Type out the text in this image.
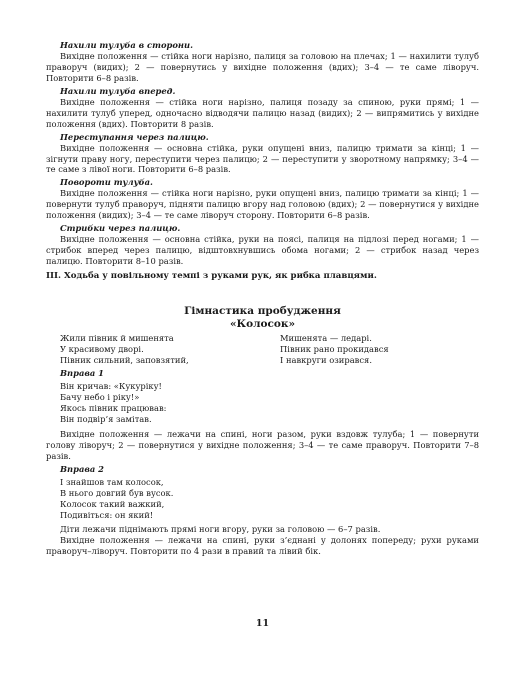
Нахили тулуба в сторони.

Вихідне положення — стійка ноги нарізно, палиця за головою на плечах; 1 — нахилити тулуб праворуч (видих); 2 — повернутись у вихідне положення (вдих); 3–4 — те саме ліворуч. Повторити 6–8 разів.

Нахили тулуба вперед.

Вихідне положення — стійка ноги нарізно, палиця позаду за спиною, руки прямі; 1 — нахилити тулуб уперед, одночасно відводячи палицю назад (видих); 2 — випрямитись у вихідне положення (вдих). Повторити 8 разів.

Переступання через палицю.

Вихідне положення — основна стійка, руки опущені вниз, палицю тримати за кінці; 1 — зігнути праву ногу, переступити через палицю; 2 — переступити у зворотному напрямку; 3–4 — те саме з лівої ноги. Повторити 6–8 разів.

Повороти тулуба.

Вихідне положення — стійка ноги нарізно, руки опущені вниз, палицю тримати за кінці; 1 — повернути тулуб праворуч, підняти палицю вгору над головою (вдих); 2 — повернутися у вихідне положення (видих); 3–4 — те саме ліворуч сторону. Повторити 6–8 разів.

Стрибки через палицю.

Вихідне положення — основна стійка, руки на поясі, палиця на підлозі перед ногами; 1 — стрибок вперед через палицю, відштовхнувшись обома ногами; 2 — стрибок назад через палицю. Повторити 8–10 разів.

ІІІ. Ходьба у повільному темпі з руками рук, як рибка плавцями.

Гімнастика пробудження

«Колосок»

Жили півник й мишенята
У красивому дворі.
Півник сильний, заповзятий,
Мишенята — ледарі.
Півник рано прокидався
І навкруги озирався.

Вправа 1

Він кричав: «Кукуріку!
Бачу небо і ріку!»
Якось півник працював:
Він подвір’я замітав.

Вихідне положення — лежачи на спині, ноги разом, руки вздовж тулуба; 1 — повернути голову ліворуч; 2 — повернутися у вихідне положення; 3–4 — те саме праворуч. Повторити 7–8 разів.

Вправа 2

І знайшов там колосок,
В нього довгий був вусок.
Колосок такий важкий,
Подивіться: он який!

Діти лежачи піднімають прямі ноги вгору, руки за головою — 6–7 разів.

Вихідне положення — лежачи на спині, руки з’єднані у долонях попереду; рухи руками праворуч–ліворуч. Повторити по 4 рази в правий та лівий бік.

11
